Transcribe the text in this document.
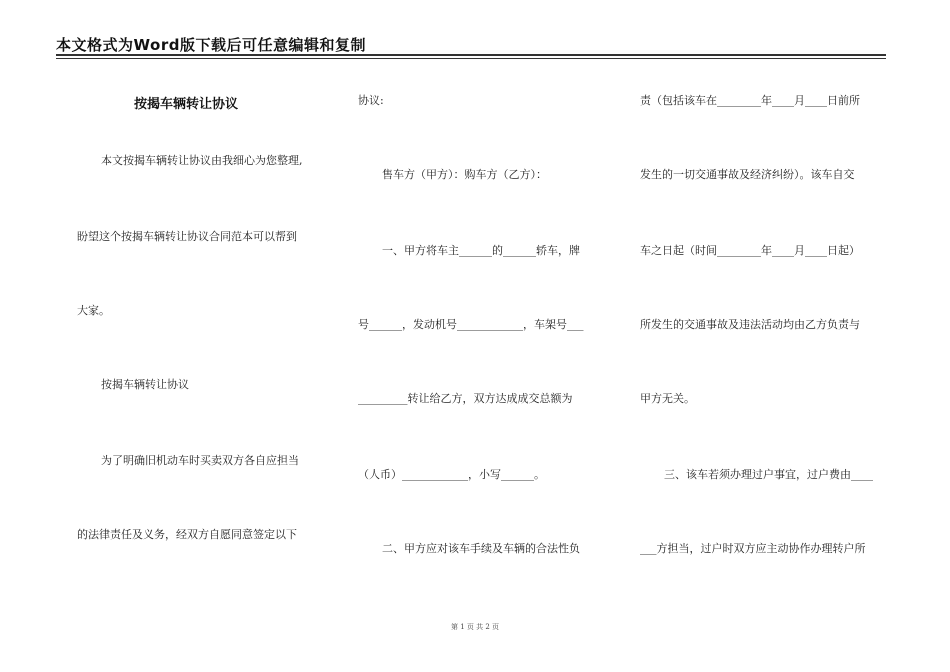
本文格式为Word版下载后可任意编辑和复制
按揭车辆转让协议
本文按揭车辆转让协议由我细心为您整理,
盼望这个按揭车辆转让协议合同范本可以帮到
大家。
按揭车辆转让协议
为了明确旧机动车时买卖双方各自应担当
的法律责任及义务，经双方自愿同意签定以下
协议:
售车方（甲方）：购车方（乙方）：
一、甲方将车主______的______轿车，牌
号______，发动机号____________，车架号___
_________转让给乙方，双方达成成交总额为
（人币）____________，小写______。
二、甲方应对该车手续及车辆的合法性负
责（包括该车在________年____月____日前所
发生的一切交通事故及经济纠纷）。该车自交
车之日起（时间________年____月____日起）
所发生的交通事故及违法活动均由乙方负责与
甲方无关。
三、该车若须办理过户事宜，过户费由____
___方担当，过户时双方应主动协作办理转户所
第 1 页 共 2 页
